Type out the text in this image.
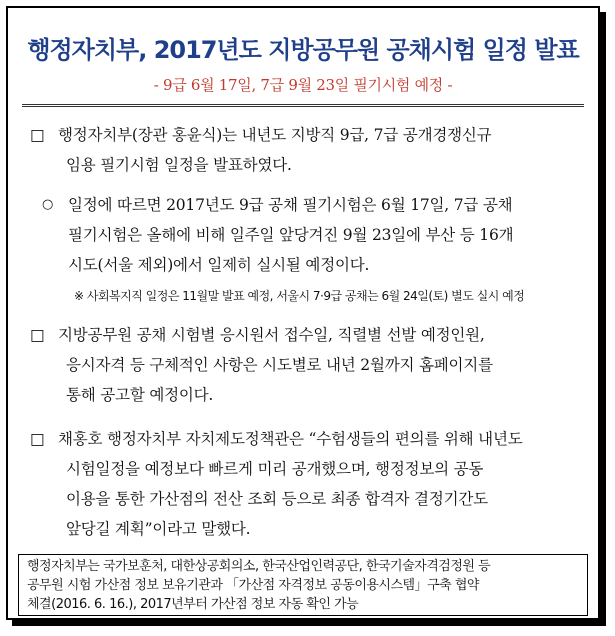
행정자치부, 2017년도 지방공무원 공채시험 일정 발표
- 9급 6월 17일, 7급 9월 23일 필기시험 예정 -
□ 행정자치부(장관 홍윤식)는 내년도 지방직 9급, 7급 공개경쟁신규
임용 필기시험 일정을 발표하였다.
○ 일정에 따르면 2017년도 9급 공채 필기시험은 6월 17일, 7급 공채
필기시험은 올해에 비해 일주일 앞당겨진 9월 23일에 부산 등 16개
시도(서울 제외)에서 일제히 실시될 예정이다.
※ 사회복지직 일정은 11월말 발표 예정, 서울시 7·9급 공채는 6월 24일(토) 별도 실시 예정
□ 지방공무원 공채 시험별 응시원서 접수일, 직렬별 선발 예정인원,
응시자격 등 구체적인 사항은 시도별로 내년 2월까지 홈페이지를
통해 공고할 예정이다.
□ 채홍호 행정자치부 자치제도정책관은 “수험생들의 편의를 위해 내년도
시험일정을 예정보다 빠르게 미리 공개했으며, 행정정보의 공동
이용을 통한 가산점의 전산 조회 등으로 최종 합격자 결정기간도
앞당길 계획”이라고 말했다.
행정자치부는 국가보훈처, 대한상공회의소, 한국산업인력공단, 한국기술자격검정원 등
공무원 시험 가산점 정보 보유기관과 「가산점 자격정보 공동이용시스템」구축 협약
체결(2016. 6. 16.), 2017년부터 가산점 정보 자동 확인 가능
